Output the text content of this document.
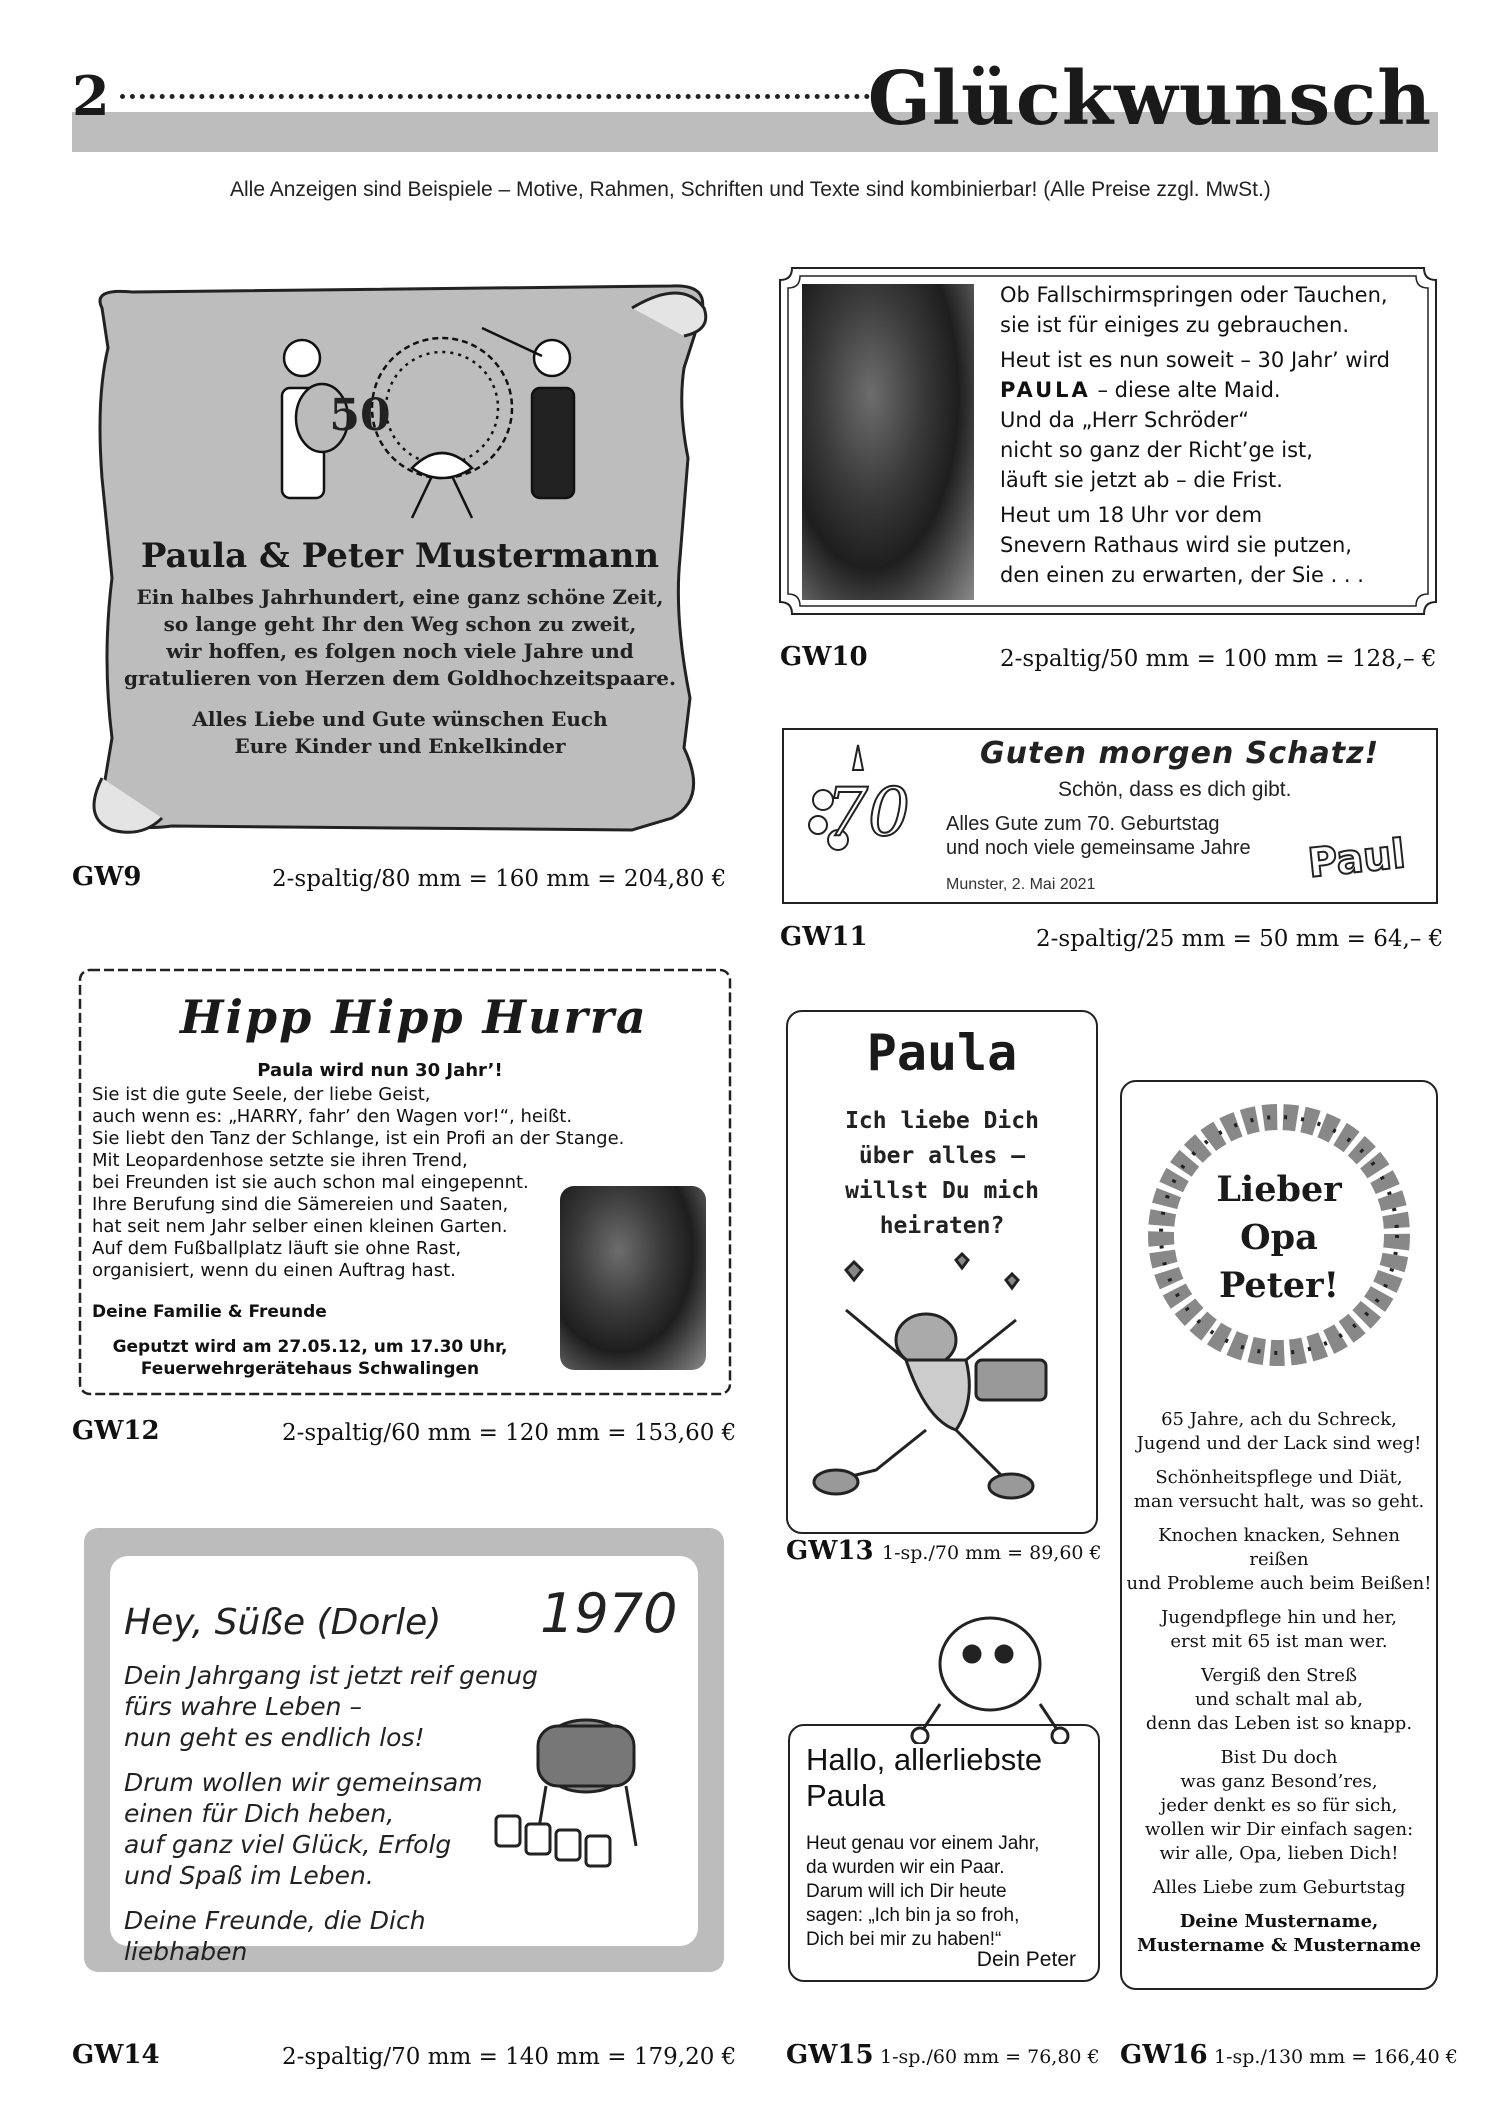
2	Glückwunsch
Alle Anzeigen sind Beispiele – Motive, Rahmen, Schriften und Texte sind kombinierbar! (Alle Preise zzgl. MwSt.)
50
Paula & Peter Mustermann
Ein halbes Jahrhundert, eine ganz schöne Zeit,
so lange geht Ihr den Weg schon zu zweit,
wir hoffen, es folgen noch viele Jahre und
gratulieren von Herzen dem Goldhochzeitspaare.
Alles Liebe und Gute wünschen Euch
Eure Kinder und Enkelkinder
GW9	2-spaltig/80 mm = 160 mm = 204,80 €

Ob Fallschirmspringen oder Tauchen,
sie ist für einiges zu gebrauchen.

Heut ist es nun soweit – 30 Jahr’ wird
PAULA – diese alte Maid.
Und da „Herr Schröder“
nicht so ganz der Richt’ge ist,
läuft sie jetzt ab – die Frist.

Heut um 18 Uhr vor dem
Snevern Rathaus wird sie putzen,
den einen zu erwarten, der Sie . . .

GW10	2-spaltig/50 mm = 100 mm = 128,– €
70
Guten morgen Schatz!
Schön, dass es dich gibt.
Alles Gute zum 70. Geburtstag
und noch viele gemeinsame Jahre
Munster, 2. Mai 2021	Paul
GW11	2-spaltig/25 mm = 50 mm = 64,– €
Hipp Hipp Hurra
Paula wird nun 30 Jahr’!

Sie ist die gute Seele, der liebe Geist,

auch wenn es: „HARRY, fahr’ den Wagen vor!“, heißt.

Sie liebt den Tanz der Schlange, ist ein Profi an der Stange.

Mit Leopardenhose setzte sie ihren Trend,

bei Freunden ist sie auch schon mal eingepennt.

Ihre Berufung sind die Sämereien und Saaten,

hat seit nem Jahr selber einen kleinen Garten.

Auf dem Fußballplatz läuft sie ohne Rast,

organisiert, wenn du einen Auftrag hast.

Deine Familie & Freunde
Geputzt wird am 27.05.12, um 17.30 Uhr,
Feuerwehrgerätehaus Schwalingen
GW12	2-spaltig/60 mm = 120 mm = 153,60 €
Paula
Ich liebe Dich
über alles –
willst Du mich
heiraten?
GW13 1-sp./70 mm = 89,60 €
Lieber
Opa
Peter!

65 Jahre, ach du Schreck,
Jugend und der Lack sind weg!

Schönheitspflege und Diät,
man versucht halt, was so geht.

Knochen knacken, Sehnen reißen
und Probleme auch beim Beißen!

Jugendpflege hin und her,
erst mit 65 ist man wer.

Vergiß den Streß
und schalt mal ab,
denn das Leben ist so knapp.

Bist Du doch
was ganz Besond’res,
jeder denkt es so für sich,
wollen wir Dir einfach sagen:
wir alle, Opa, lieben Dich!

Alles Liebe zum Geburtstag

Deine Mustername,
Mustername & Mustername

Hey, Süße (Dorle) 1970

Dein Jahrgang ist jetzt reif genug
fürs wahre Leben –
nun geht es endlich los!

Drum wollen wir gemeinsam
einen für Dich heben,
auf ganz viel Glück, Erfolg
und Spaß im Leben.

Deine Freunde, die Dich liebhaben

GW14	2-spaltig/70 mm = 140 mm = 179,20 €
Hallo, allerliebste
Paula
Heut genau vor einem Jahr,
da wurden wir ein Paar.
Darum will ich Dir heute
sagen: „Ich bin ja so froh,
Dich bei mir zu haben!“
Dein Peter
GW15 1-sp./60 mm = 76,80 € GW16 1-sp./130 mm = 166,40 €
